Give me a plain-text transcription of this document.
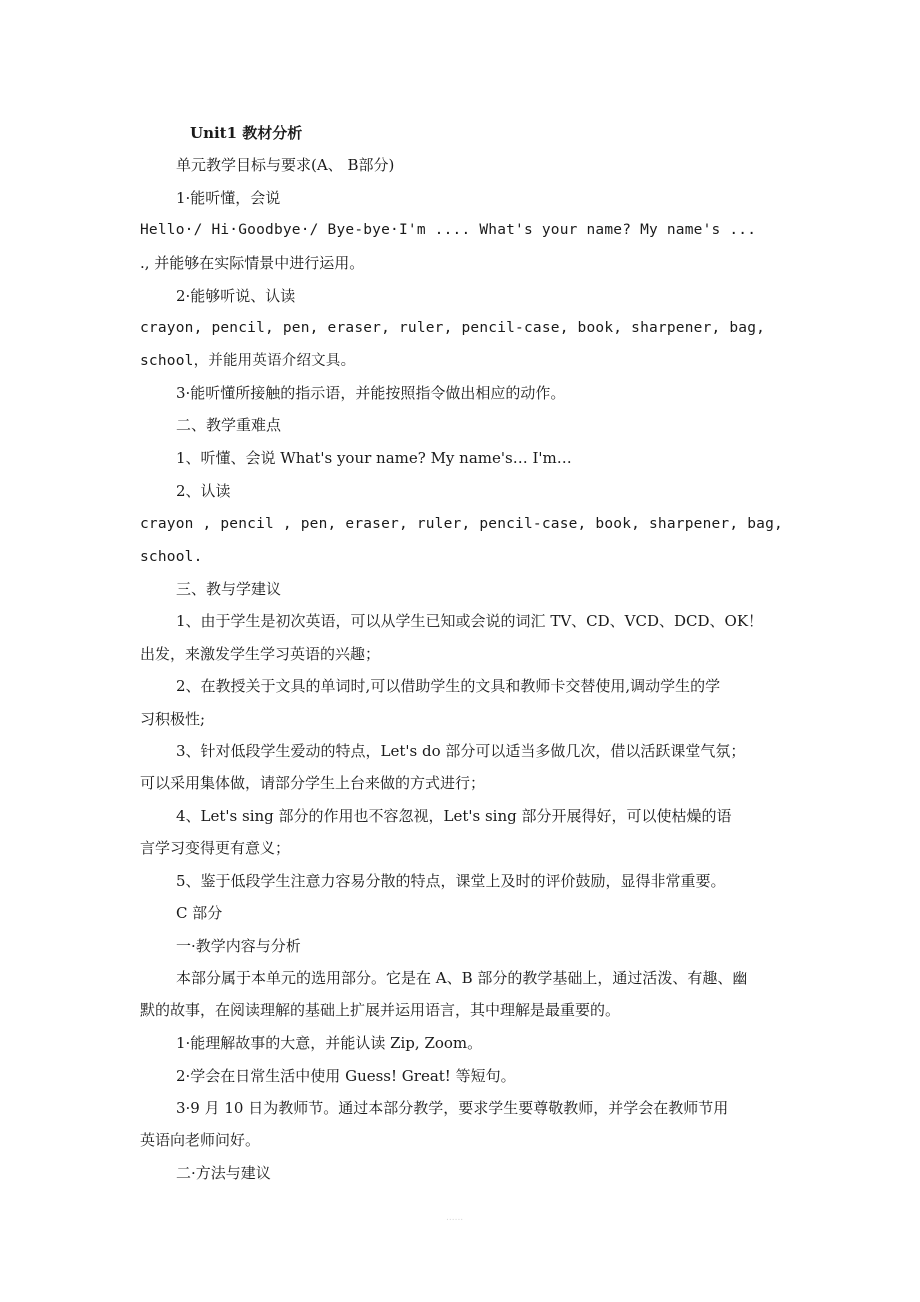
Unit1 教材分析
单元教学目标与要求(A、 B部分)
1·能听懂，会说
Hello·/ Hi·Goodbye·/ Bye-bye·I'm .... What's your name? My name's ...
., 并能够在实际情景中进行运用。
2·能够听说、认读
crayon, pencil, pen, eraser, ruler, pencil-case, book, sharpener, bag,
school，并能用英语介绍文具。
3·能听懂所接触的指示语，并能按照指令做出相应的动作。
二、教学重难点
1、听懂、会说 What's your name? My name's… I'm…
2、认读
crayon , pencil , pen, eraser, ruler, pencil-case, book, sharpener, bag,
school.
三、教与学建议
1、由于学生是初次英语，可以从学生已知或会说的词汇 TV、CD、VCD、DCD、OK！
出发，来激发学生学习英语的兴趣；
2、在教授关于文具的单词时,可以借助学生的文具和教师卡交替使用,调动学生的学
习积极性;
3、针对低段学生爱动的特点，Let's do 部分可以适当多做几次，借以活跃课堂气氛；
可以采用集体做，请部分学生上台来做的方式进行；
4、Let's sing 部分的作用也不容忽视，Let's sing 部分开展得好，可以使枯燥的语
言学习变得更有意义；
5、鉴于低段学生注意力容易分散的特点，课堂上及时的评价鼓励，显得非常重要。
C 部分
一·教学内容与分析
本部分属于本单元的选用部分。它是在 A、B 部分的教学基础上，通过活泼、有趣、幽
默的故事，在阅读理解的基础上扩展并运用语言，其中理解是最重要的。
1·能理解故事的大意，并能认读 Zip, Zoom。
2·学会在日常生活中使用 Guess! Great! 等短句。
3·9 月 10 日为教师节。通过本部分教学，要求学生要尊敬教师，并学会在教师节用
英语向老师问好。
二·方法与建议
......
